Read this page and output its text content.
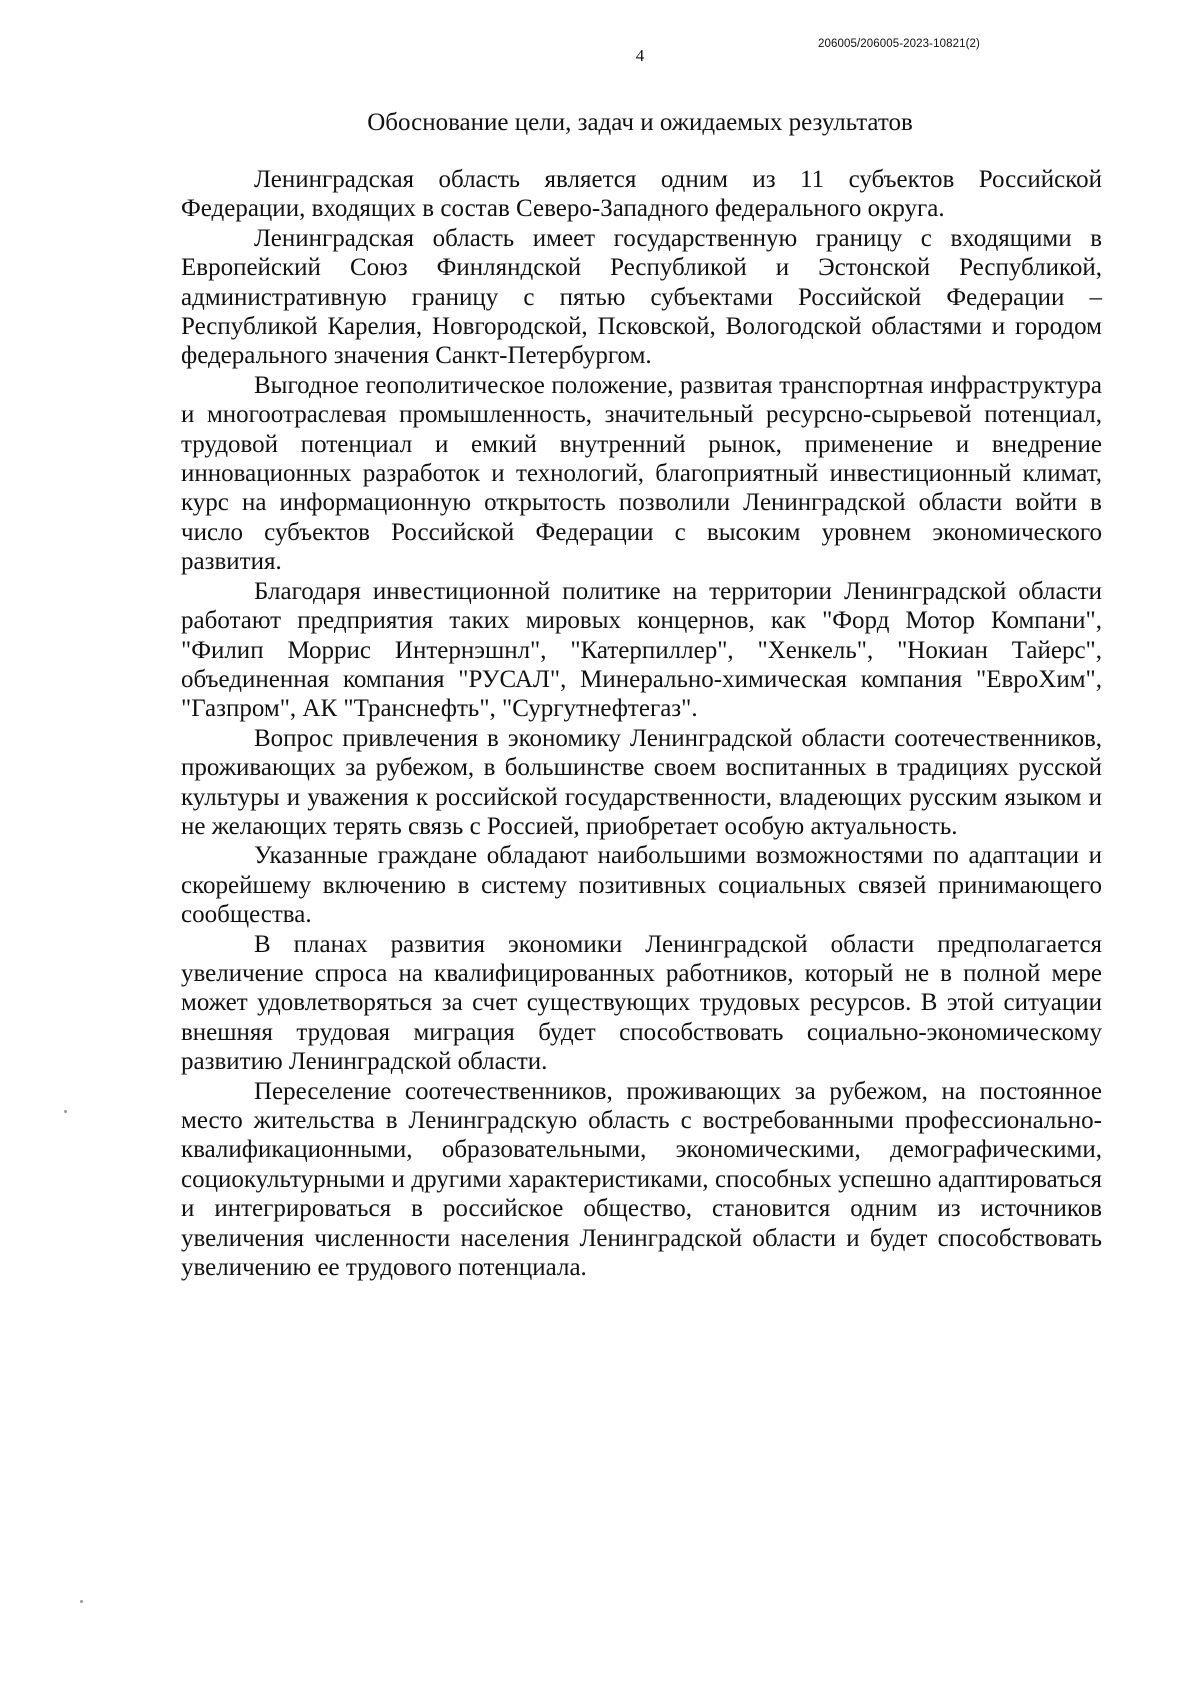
4
206005/206005-2023-10821(2)
Обоснование цели, задач и ожидаемых результатов

Ленинградская область является одним из 11 субъектов Российской Федерации, входящих в состав Северо-Западного федерального округа.

Ленинградская область имеет государственную границу с входящими в Европейский Союз Финляндской Республикой и Эстонской Республикой, административную границу с пятью субъектами Российской Федерации – Республикой Карелия, Новгородской, Псковской, Вологодской областями и городом федерального значения Санкт-Петербургом.

Выгодное геополитическое положение, развитая транспортная инфраструктура и многоотраслевая промышленность, значительный ресурсно-сырьевой потенциал, трудовой потенциал и емкий внутренний рынок, применение и внедрение инновационных разработок и технологий, благоприятный инвестиционный климат, курс на информационную открытость позволили Ленинградской области войти в число субъектов Российской Федерации с высоким уровнем экономического развития.

Благодаря инвестиционной политике на территории Ленинградской области работают предприятия таких мировых концернов, как "Форд Мотор Компани", "Филип Моррис Интернэшнл", "Катерпиллер", "Хенкель", "Нокиан Тайерс", объединенная компания "РУСАЛ", Минерально-химическая компания "ЕвроХим", "Газпром", АК "Транснефть", "Сургутнефтегаз".

Вопрос привлечения в экономику Ленинградской области соотечественников, проживающих за рубежом, в большинстве своем воспитанных в традициях русской культуры и уважения к российской государственности, владеющих русским языком и не желающих терять связь с Россией, приобретает особую актуальность.

Указанные граждане обладают наибольшими возможностями по адаптации и скорейшему включению в систему позитивных социальных связей принимающего сообщества.

В планах развития экономики Ленинградской области предполагается увеличение спроса на квалифицированных работников, который не в полной мере может удовлетворяться за счет существующих трудовых ресурсов. В этой ситуации внешняя трудовая миграция будет способствовать социально-экономическому развитию Ленинградской области.

Переселение соотечественников, проживающих за рубежом, на постоянное место жительства в Ленинградскую область с востребованными профессионально-квалификационными, образовательными, экономическими, демографическими, социокультурными и другими характеристиками, способных успешно адаптироваться и интегрироваться в российское общество, становится одним из источников увеличения численности населения Ленинградской области и будет способствовать увеличению ее трудового потенциала.
